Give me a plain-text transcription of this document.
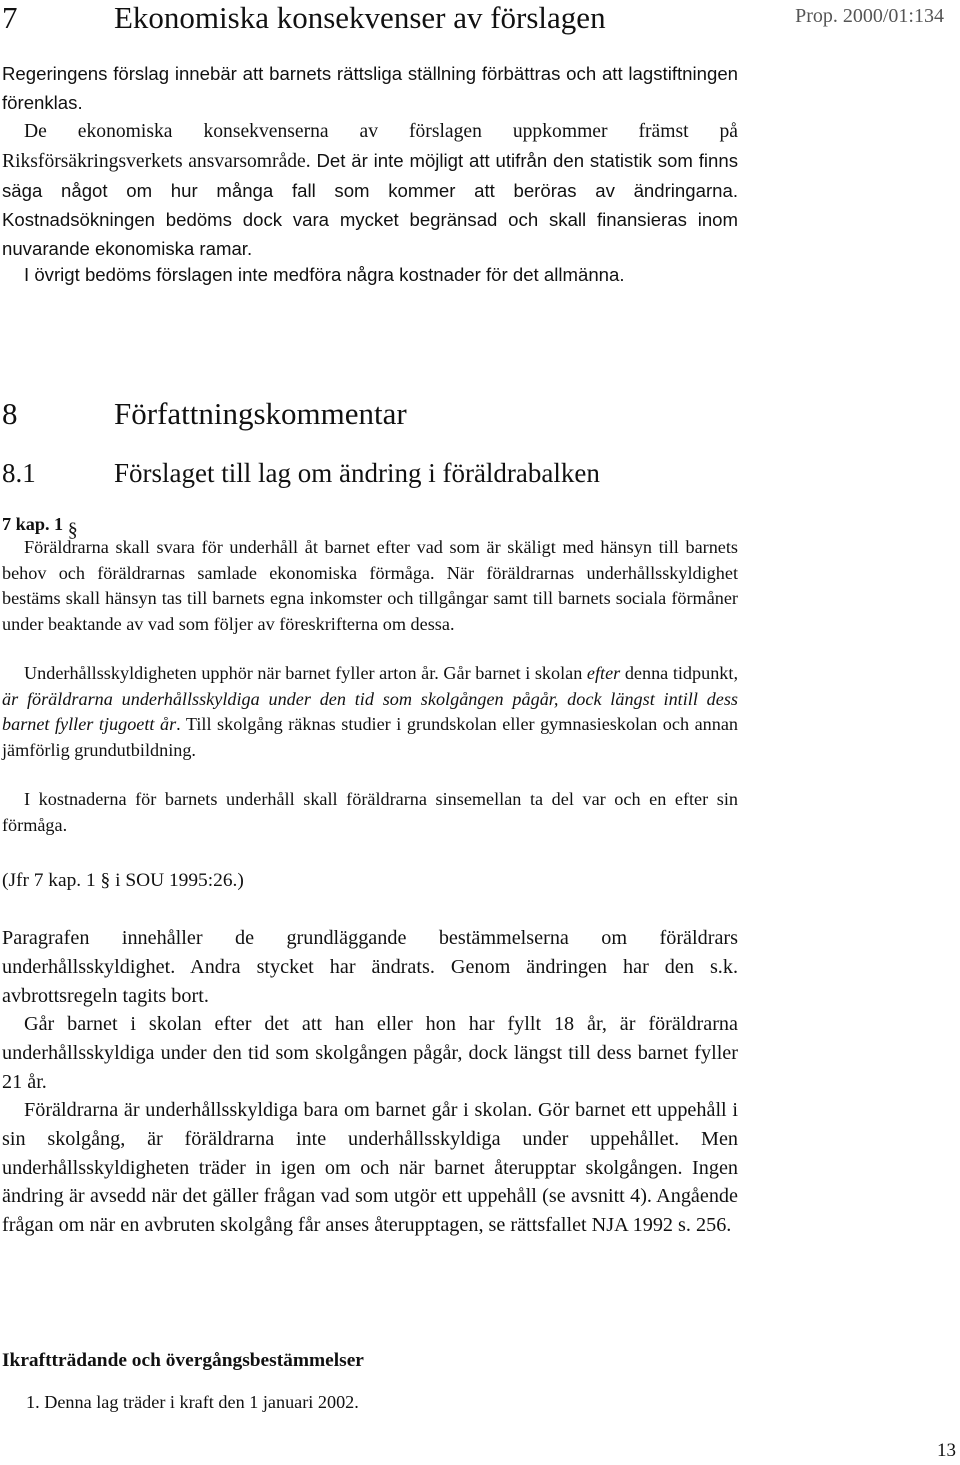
7	Ekonomiska konsekvenser av förslagen	Prop. 2000/01:134

Regeringens förslag innebär att barnets rättsliga ställning förbättras och att lagstiftningen förenklas.

De ekonomiska konsekvenserna av förslagen uppkommer främst på Riksförsäkringsverkets ansvarsområde. Det är inte möjligt att utifrån den statistik som finns säga något om hur många fall som kommer att beröras av ändringarna. Kostnadsökningen bedöms dock vara mycket begränsad och skall finansieras inom nuvarande ekonomiska ramar.

I övrigt bedöms förslagen inte medföra några kostnader för det allmänna.

8	Författningskommentar
8.1	Förslaget till lag om ändring i föräldrabalken
7 kap. 1 §

Föräldrarna skall svara för underhåll åt barnet efter vad som är skäligt med hänsyn till barnets behov och föräldrarnas samlade ekonomiska förmåga. När föräldrarnas underhållsskyldighet bestäms skall hänsyn tas till barnets egna inkomster och tillgångar samt till barnets sociala förmåner under beaktande av vad som följer av föreskrifterna om dessa.

Underhållsskyldigheten upphör när barnet fyller arton år. Går barnet i skolan efter denna tidpunkt, är föräldrarna underhållsskyldiga under den tid som skolgången pågår, dock längst intill dess barnet fyller tjugoett år. Till skolgång räknas studier i grundskolan eller gymnasieskolan och annan jämförlig grundutbildning.

I kostnaderna för barnets underhåll skall föräldrarna sinsemellan ta del var och en efter sin förmåga.

(Jfr 7 kap. 1 § i SOU 1995:26.)

Paragrafen innehåller de grundläggande bestämmelserna om föräldrars underhållsskyldighet. Andra stycket har ändrats. Genom ändringen har den s.k. avbrottsregeln tagits bort.

Går barnet i skolan efter det att han eller hon har fyllt 18 år, är föräldrarna underhållsskyldiga under den tid som skolgången pågår, dock längst till dess barnet fyller 21 år.

Föräldrarna är underhållsskyldiga bara om barnet går i skolan. Gör barnet ett uppehåll i sin skolgång, är föräldrarna inte underhållsskyldiga under uppehållet. Men underhållsskyldigheten träder in igen om och när barnet återupptar skolgången. Ingen ändring är avsedd när det gäller frågan vad som utgör ett uppehåll (se avsnitt 4). Angående frågan om när en avbruten skolgång får anses återupptagen, se rättsfallet NJA 1992 s. 256.

Ikraftträdande och övergångsbestämmelser
1. Denna lag träder i kraft den 1 januari 2002.
13
